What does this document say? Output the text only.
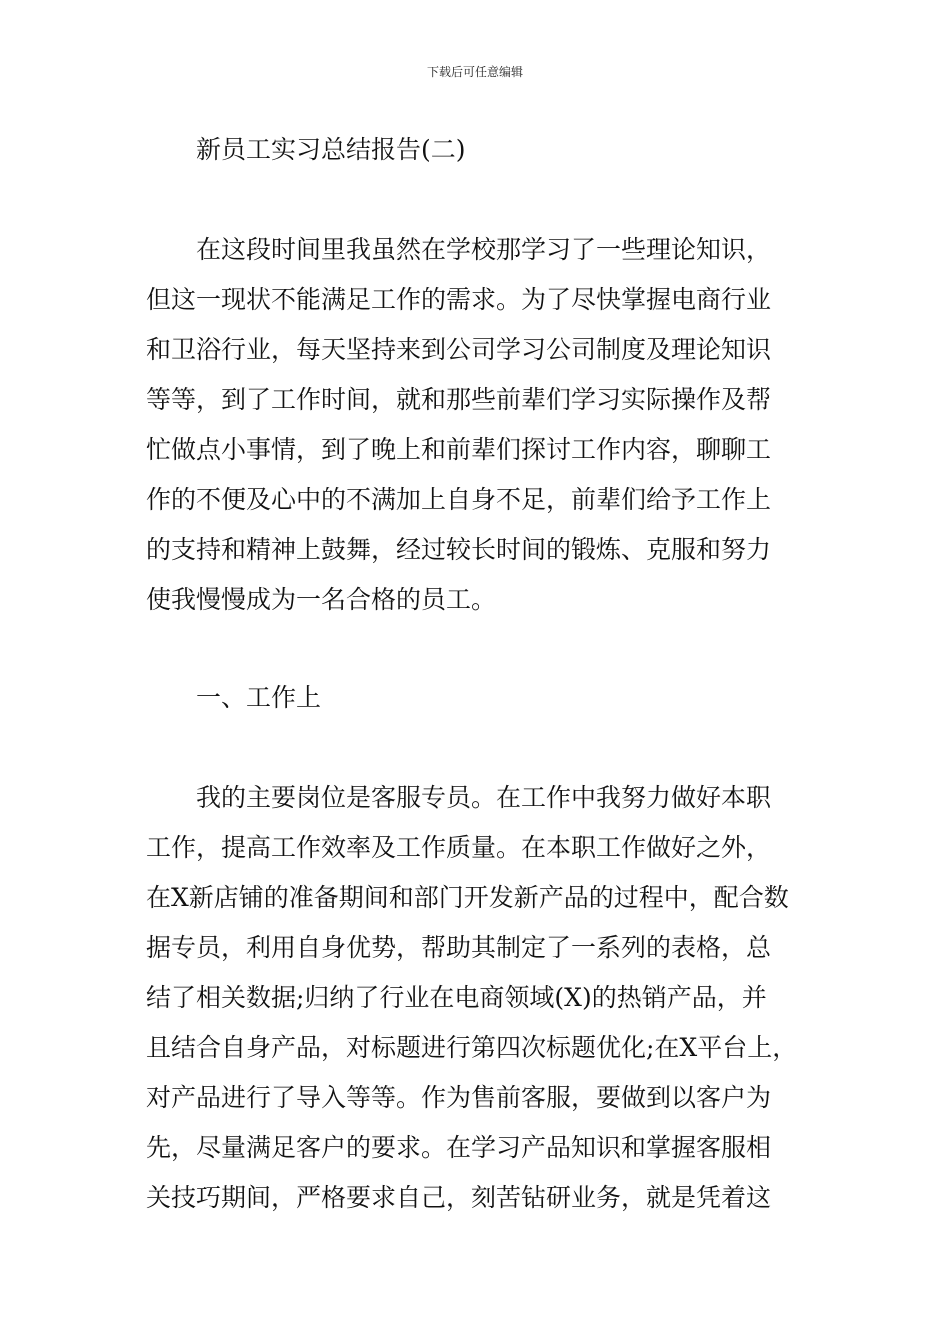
下载后可任意编辑
新员工实习总结报告(二)
在这段时间里我虽然在学校那学习了一些理论知识，
但这一现状不能满足工作的需求。为了尽快掌握电商行业
和卫浴行业，每天坚持来到公司学习公司制度及理论知识
等等，到了工作时间，就和那些前辈们学习实际操作及帮
忙做点小事情，到了晚上和前辈们探讨工作内容，聊聊工
作的不便及心中的不满加上自身不足，前辈们给予工作上
的支持和精神上鼓舞，经过较长时间的锻炼、克服和努力
使我慢慢成为一名合格的员工。
一、工作上
我的主要岗位是客服专员。在工作中我努力做好本职
工作，提高工作效率及工作质量。在本职工作做好之外，
在X新店铺的准备期间和部门开发新产品的过程中，配合数
据专员，利用自身优势，帮助其制定了一系列的表格，总
结了相关数据;归纳了行业在电商领域(X)的热销产品，并
且结合自身产品，对标题进行第四次标题优化;在X平台上，
对产品进行了导入等等。作为售前客服，要做到以客户为
先，尽量满足客户的要求。在学习产品知识和掌握客服相
关技巧期间，严格要求自己，刻苦钻研业务，就是凭着这
